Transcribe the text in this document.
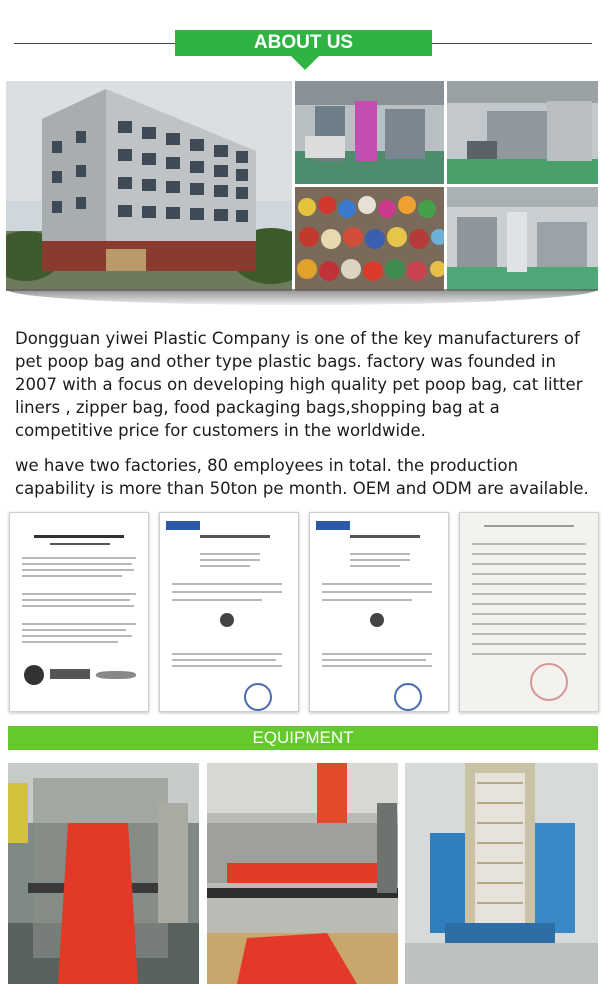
ABOUT US

Dongguan yiwei Plastic Company is one of the key manufacturers of pet poop bag and other type plastic bags. factory was founded in 2007 with a focus on developing high quality pet poop bag, cat litter liners , zipper bag, food packaging bags,shopping bag at a competitive price for customers in the worldwide.

we have two factories, 80 employees in total. the production capability is more than 50ton pe month. OEM and ODM are available.

EQUIPMENT
